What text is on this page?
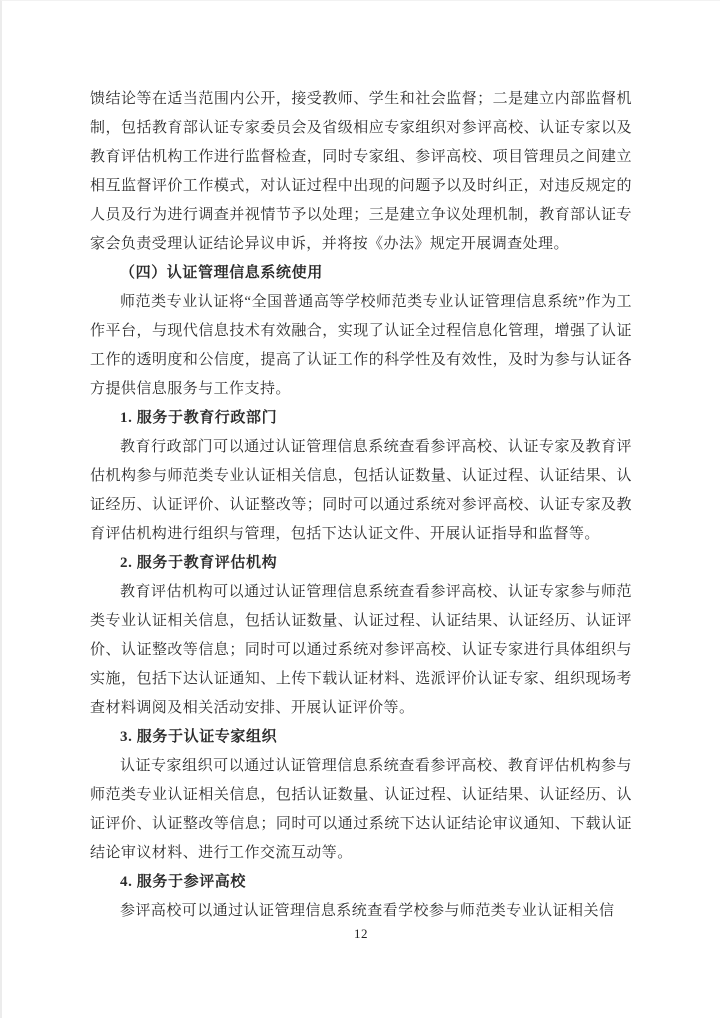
馈结论等在适当范围内公开，接受教师、学生和社会监督；二是建立内部监督机制，包括教育部认证专家委员会及省级相应专家组织对参评高校、认证专家以及教育评估机构工作进行监督检查，同时专家组、参评高校、项目管理员之间建立相互监督评价工作模式，对认证过程中出现的问题予以及时纠正，对违反规定的人员及行为进行调查并视情节予以处理；三是建立争议处理机制，教育部认证专家会负责受理认证结论异议申诉，并将按《办法》规定开展调查处理。

（四）认证管理信息系统使用

师范类专业认证将“全国普通高等学校师范类专业认证管理信息系统”作为工作平台，与现代信息技术有效融合，实现了认证全过程信息化管理，增强了认证工作的透明度和公信度，提高了认证工作的科学性及有效性，及时为参与认证各方提供信息服务与工作支持。

1. 服务于教育行政部门

教育行政部门可以通过认证管理信息系统查看参评高校、认证专家及教育评估机构参与师范类专业认证相关信息，包括认证数量、认证过程、认证结果、认证经历、认证评价、认证整改等；同时可以通过系统对参评高校、认证专家及教育评估机构进行组织与管理，包括下达认证文件、开展认证指导和监督等。

2. 服务于教育评估机构

教育评估机构可以通过认证管理信息系统查看参评高校、认证专家参与师范类专业认证相关信息，包括认证数量、认证过程、认证结果、认证经历、认证评价、认证整改等信息；同时可以通过系统对参评高校、认证专家进行具体组织与实施，包括下达认证通知、上传下载认证材料、选派评价认证专家、组织现场考查材料调阅及相关活动安排、开展认证评价等。

3. 服务于认证专家组织

认证专家组织可以通过认证管理信息系统查看参评高校、教育评估机构参与师范类专业认证相关信息，包括认证数量、认证过程、认证结果、认证经历、认证评价、认证整改等信息；同时可以通过系统下达认证结论审议通知、下载认证结论审议材料、进行工作交流互动等。

4. 服务于参评高校

参评高校可以通过认证管理信息系统查看学校参与师范类专业认证相关信

12
